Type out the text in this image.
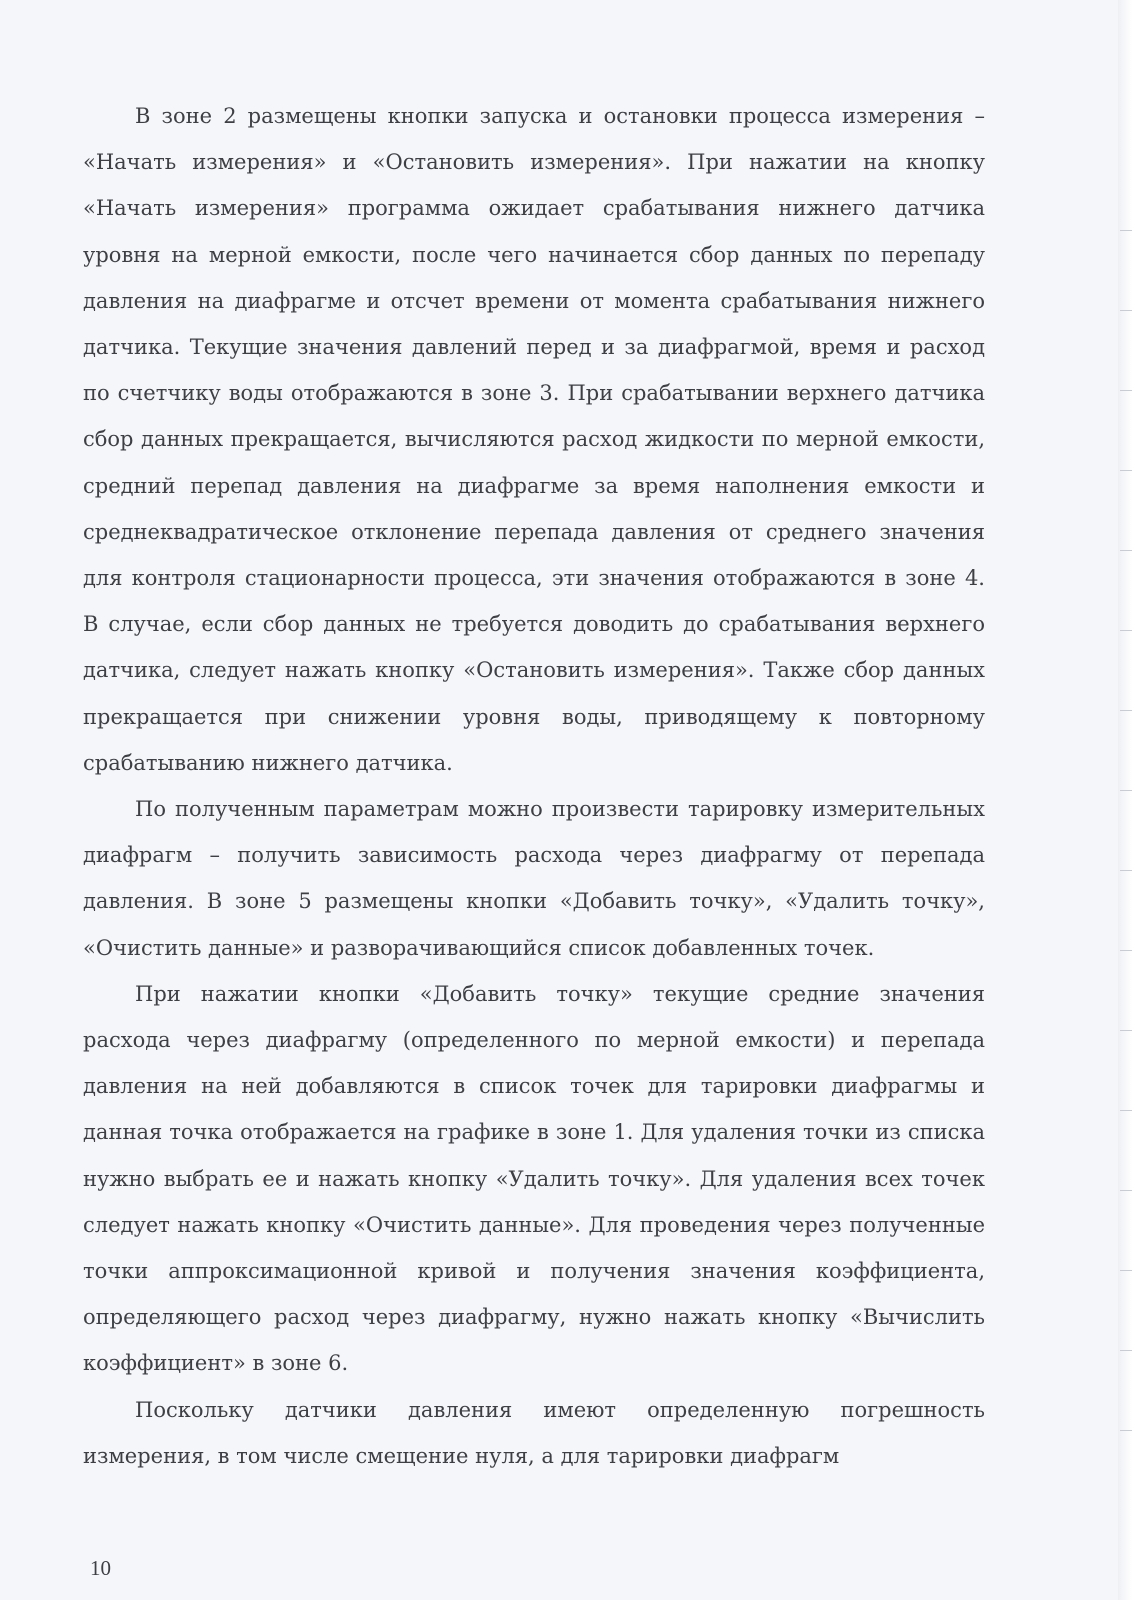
В зоне 2 размещены кнопки запуска и остановки процесса измерения – «Начать измерения» и «Остановить измерения». При нажатии на кнопку «Начать измерения» программа ожидает срабатывания нижнего датчика уровня на мерной емкости, после чего начинается сбор данных по перепаду давления на диафрагме и отсчет времени от момента срабатывания нижнего датчика. Текущие значения давлений перед и за диафрагмой, время и расход по счетчику воды отображаются в зоне 3. При срабатывании верхнего датчика сбор данных прекращается, вычисляются расход жидкости по мерной емкости, средний перепад давления на диафрагме за время наполнения емкости и среднеквадратическое отклонение перепада давления от среднего значения для контроля стационарности процесса, эти значения отображаются в зоне 4. В случае, если сбор данных не требуется доводить до срабатывания верхнего датчика, следует нажать кнопку «Остановить измерения». Также сбор данных прекращается при снижении уровня воды, приводящему к повторному срабатыванию нижнего датчика.

По полученным параметрам можно произвести тарировку измерительных диафрагм – получить зависимость расхода через диафрагму от перепада давления. В зоне 5 размещены кнопки «Добавить точку», «Удалить точку», «Очистить данные» и разворачивающийся список добавленных точек.

При нажатии кнопки «Добавить точку» текущие средние значения расхода через диафрагму (определенного по мерной емкости) и перепада давления на ней добавляются в список точек для тарировки диафрагмы и данная точка отображается на графике в зоне 1. Для удаления точки из списка нужно выбрать ее и нажать кнопку «Удалить точку». Для удаления всех точек следует нажать кнопку «Очистить данные». Для проведения через полученные точки аппроксимационной кривой и получения значения коэффициента, определяющего расход через диафрагму, нужно нажать кнопку «Вычислить коэффициент» в зоне 6.

Поскольку датчики давления имеют определенную погрешность измерения, в том числе смещение нуля, а для тарировки диафрагм

10
